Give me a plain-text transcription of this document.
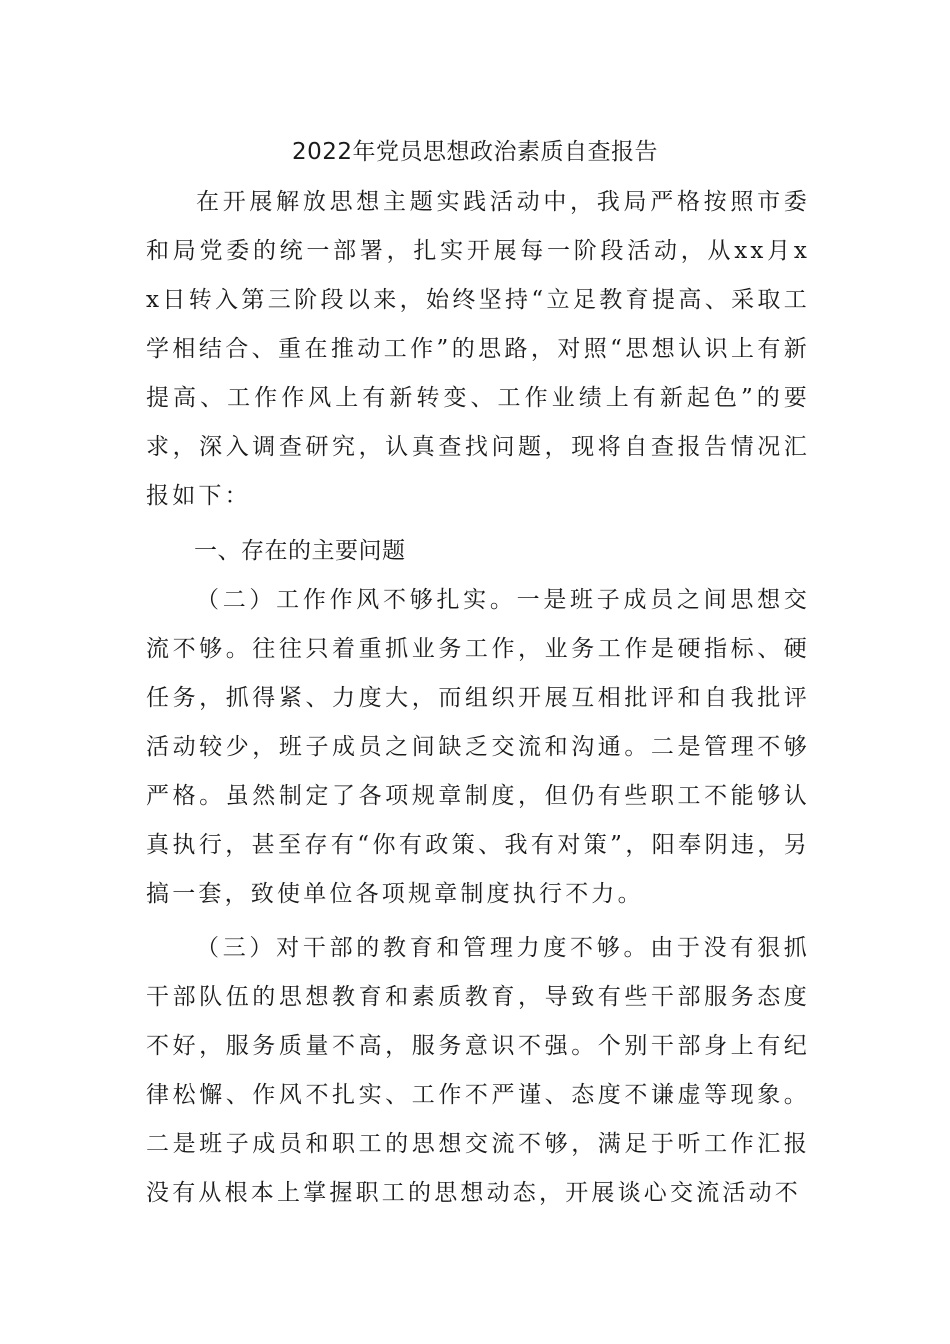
2022年党员思想政治素质自查报告

在开展解放思想主题实践活动中，我局严格按照市委和局党委的统一部署，扎实开展每一阶段活动，从xx月xx日转入第三阶段以来，始终坚持“立足教育提高、采取工学相结合、重在推动工作”的思路，对照“思想认识上有新提高、工作作风上有新转变、工作业绩上有新起色”的要求，深入调查研究，认真查找问题，现将自查报告情况汇报如下：

一、存在的主要问题

（二）工作作风不够扎实。一是班子成员之间思想交流不够。往往只着重抓业务工作，业务工作是硬指标、硬任务，抓得紧、力度大，而组织开展互相批评和自我批评活动较少，班子成员之间缺乏交流和沟通。二是管理不够严格。虽然制定了各项规章制度，但仍有些职工不能够认真执行，甚至存有“你有政策、我有对策”，阳奉阴违，另搞一套，致使单位各项规章制度执行不力。

（三）对干部的教育和管理力度不够。由于没有狠抓干部队伍的思想教育和素质教育，导致有些干部服务态度不好，服务质量不高，服务意识不强。个别干部身上有纪律松懈、作风不扎实、工作不严谨、态度不谦虚等现象。二是班子成员和职工的思想交流不够，满足于听工作汇报没有从根本上掌握职工的思想动态，开展谈心交流活动不
